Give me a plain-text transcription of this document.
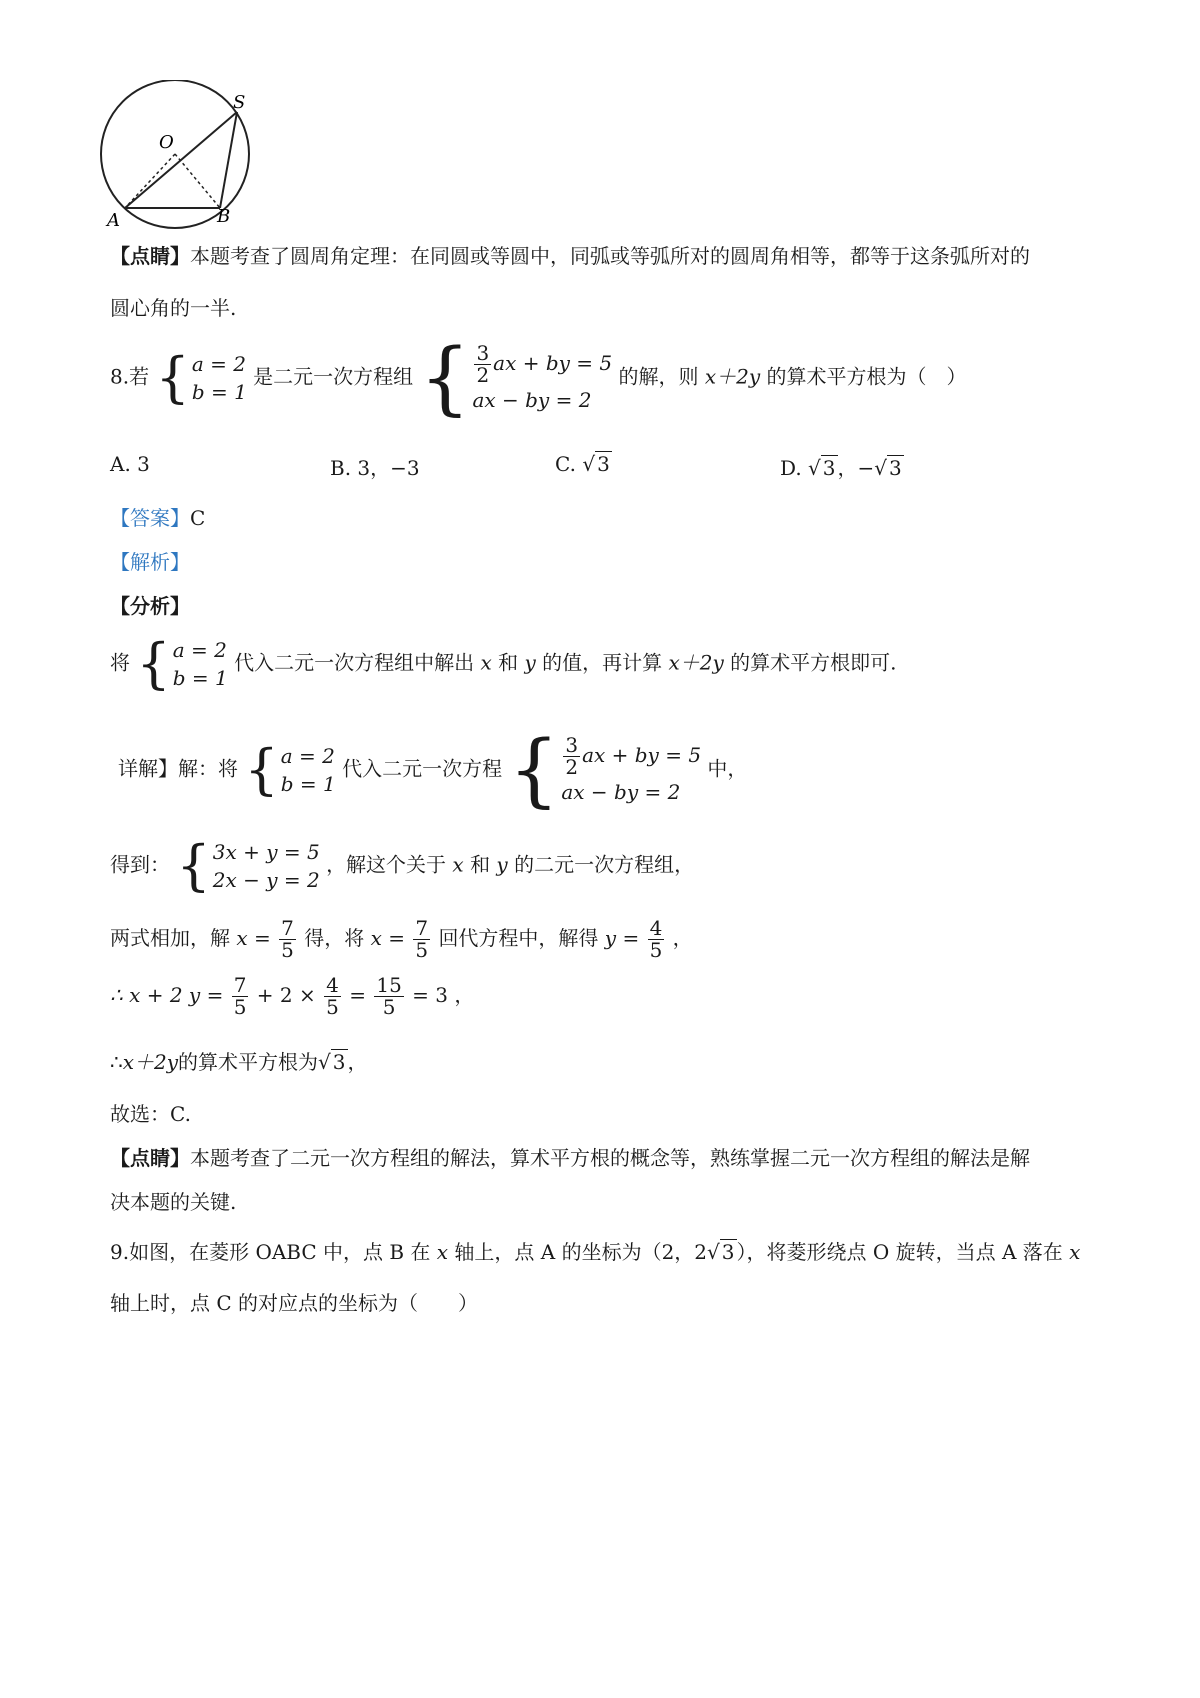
O
S
A	B
【点睛】本题考查了圆周角定理：在同圆或等圆中，同弧或等弧所对的圆周角相等，都等于这条弧所对的
圆心角的一半.
8.若 { a = 2
b = 1
是二元一次方程组 { $\frac{3}{2}$ ax + by = 5
ax − by = 2
的解，则 x＋2y 的算术平方根为（　）
A. 3	B. 3，−3	C. √ 3	D. √ 3 ，−√ 3
【答案】C
【解析】
【分析】
将 { a = 2
b = 1
代入二元一次方程组中解出 x 和 y 的值，再计算 x＋2y 的算术平方根即可.
详解】解：将 { a = 2
b = 1
代入二元一次方程 { $\frac{3}{2}$ ax + by = 5
ax − by = 2
中，
得到： { 3x + y = 5
2x − y = 2
，解这个关于 x 和 y 的二元一次方程组，
两式相加，解 $x = \frac{7}{5}$ 得，将 $x = \frac{7}{5}$ 回代方程中，解得 $y = \frac{4}{5}$ ，
∴ x + 2 $y = \frac{7}{5} + 2 \times \frac{4}{5} = \frac{15}{5} = 3$ ，
∴x＋2y的算术平方根为√ 3 ，
故选：C.
【点睛】本题考查了二元一次方程组的解法，算术平方根的概念等，熟练掌握二元一次方程组的解法是解
决本题的关键.
9.如图，在菱形 OABC 中，点 B 在 x 轴上，点 A 的坐标为（2，2√ 3 ），将菱形绕点 O 旋转，当点 A 落在 x
轴上时，点 C 的对应点的坐标为（　　）
